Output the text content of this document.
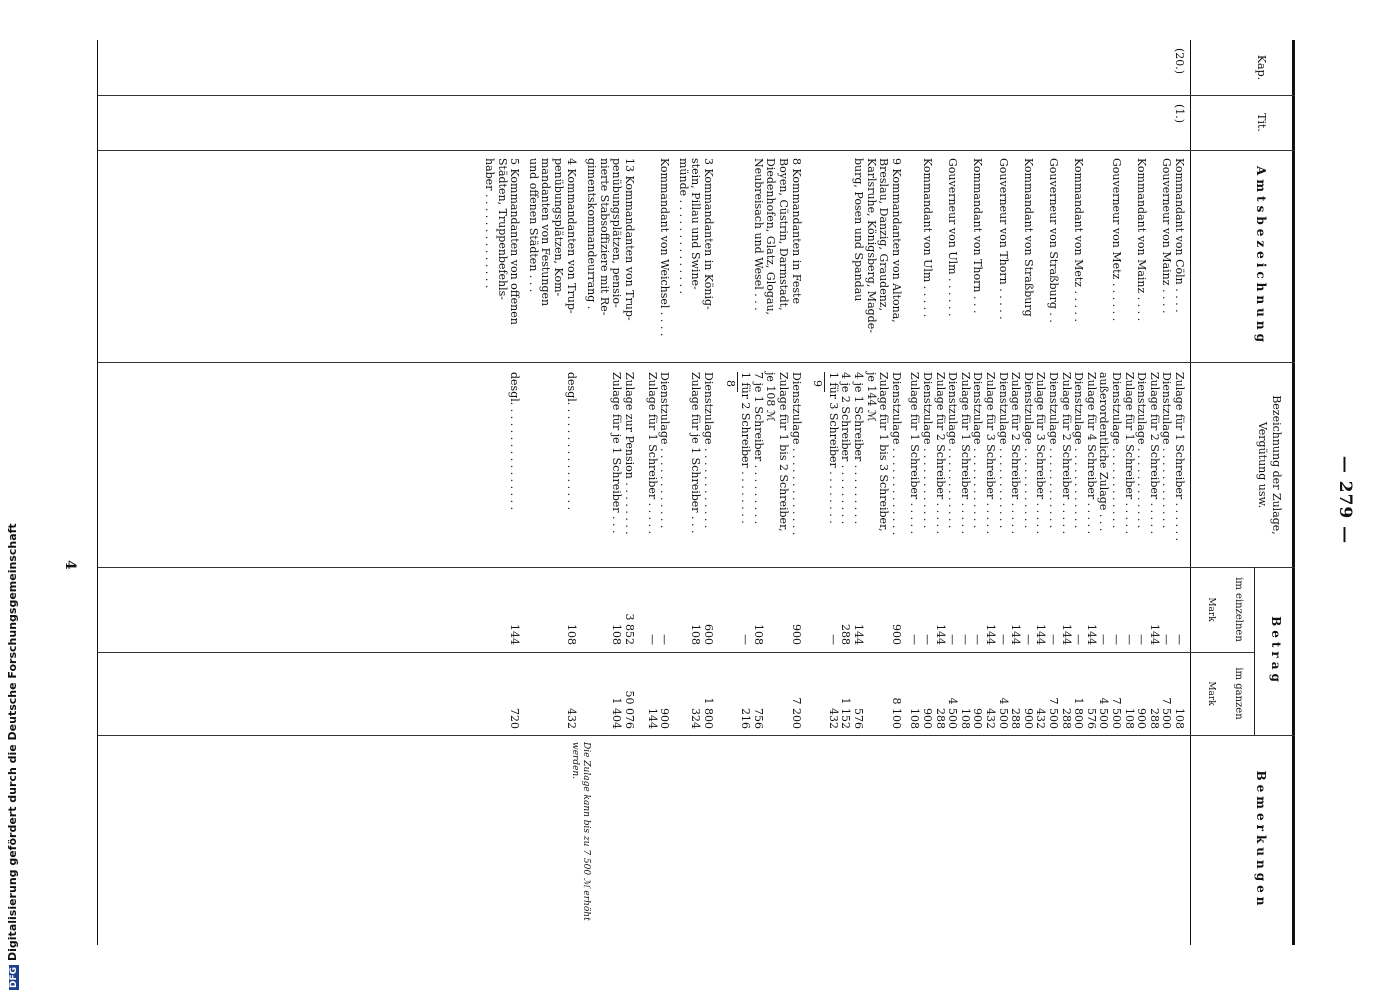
— 279 —
Kap.
Tit.
Amtsbezeichnung
Bezeichnung der Zulage, Vergütung usw.
Betrag
im einzelnen
Mark
im ganzen
Mark
Bemerkungen
(20.)
(1.)
Kommandant von Cöln . . . .
Zulage für 1 Schreiber . . . . . .
—
108
Gouverneur von Mainz . . . .
Dienstzulage . . . . . . . . . . . .
—
7 500
Zulage für 2 Schreiber . . . . .
144
288
Kommandant von Mainz . . . .
Dienstzulage . . . . . . . . . . . .
—
900
Zulage für 1 Schreiber . . . . .
—
108
Gouverneur von Metz . . . . . .
Dienstzulage . . . . . . . . . . . .
—
7 500
außerordentliche Zulage . . .
—
4 500
Zulage für 4 Schreiber . . . . .
144
576
Kommandant von Metz . . . . .
Dienstzulage . . . . . . . . . . . .
—
1 800
Zulage für 2 Schreiber . . . . .
144
288
Gouverneur von Straßburg . .
Dienstzulage . . . . . . . . . . . .
—
7 500
Zulage für 3 Schreiber . . . . .
144
432
Kommandant von Straßburg
Dienstzulage . . . . . . . . . . . .
—
900
Zulage für 2 Schreiber . . . . .
144
288
Gouverneur von Thorn . . . . .
Dienstzulage . . . . . . . . . . . .
—
4 500
Zulage für 3 Schreiber . . . . .
144
432
Kommandant von Thorn . . .
Dienstzulage . . . . . . . . . . . .
—
900
Zulage für 1 Schreiber . . . . .
—
108
Gouverneur von Ulm . . . . . .
Dienstzulage . . . . . . . . . . . .
—
4 500
Zulage für 2 Schreiber . . . . .
144
288
Kommandant von Ulm . . . . .
Dienstzulage . . . . . . . . . . . .
—
900
Zulage für 1 Schreiber . . . . .
—
108
9 Kommandanten von Altona,
Breslau, Danzig, Graudenz,
Karlsruhe, Königsberg, Magde-
burg, Posen und Spandau
Dienstzulage . . . . . . . . . . . . .
900
8 100
Zulage für 1 bis 3 Schreiber,
je 144 ℳ
4 je 1 Schreiber . . . . . . . . .
144
576
4 je 2 Schreiber . . . . . . . . .
288
1 152
1 für 3 Schreiber . . . . . . . .
—
432
9
8 Kommandanten in Feste
Boyen, Cüstrin, Darmstadt,
Diedenhofen, Glatz, Glogau,
Neubreisach und Wesel . . .
Dienstzulage . . . . . . . . . . . . .
900
7 200
Zulage für 1 bis 2 Schreiber,
je 108 ℳ
7 je 1 Schreiber . . . . . . . . .
108
756
1 für 2 Schreiber . . . . . . . .
—
216
8
3 Kommandanten in König-
stein, Pillau und Swine-
münde . . . . . . . . . . . . . .
Dienstzulage . . . . . . . . . . . .
600
1 800
Zulage für je 1 Schreiber . . .
108
324
Kommandant von Weichsel . . . .
Dienstzulage . . . . . . . . . . . .
—
900
Zulage für 1 Schreiber . . . . .
—
144
13 Kommandanten von Trup-
penübungsplätzen, pensio-
nierte Stabsoffiziere mit Re-
gimentskommandeurrang .
Zulage zur Pension . . . . . . . .
3 852
50 076
Zulage für je 1 Schreiber . . .
108
1 404
4 Kommandanten von Trup-
penübungsplätzen, Kom-
mandanten von Festungen
und offenen Städten . . .
desgl. . . . . . . . . . . . . . . .
108
432
5 Kommandanten von offenen
Städten, Truppenbefehls-
haber . . . . . . . . . . . . . .
desgl. . . . . . . . . . . . . . . .
144
720
Die Zulage kann bis zu 7 500 ℳ erhöht werden.
4
DFGDigitalisierung gefördert durch die Deutsche Forschungsgemeinschaft
